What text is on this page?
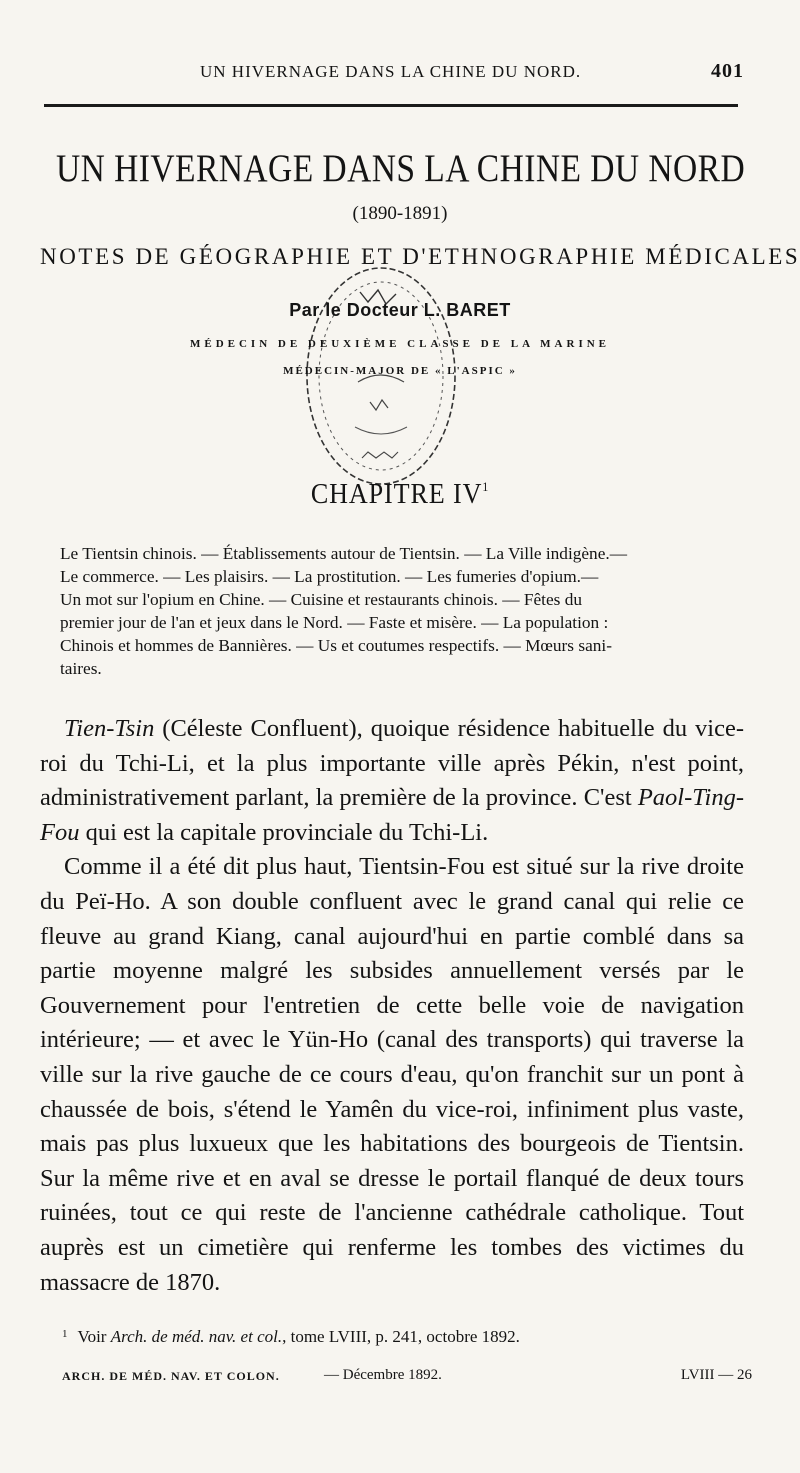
UN HIVERNAGE DANS LA CHINE DU NORD.	401
UN HIVERNAGE DANS LA CHINE DU NORD
(1890-1891)
NOTES DE GÉOGRAPHIE ET D'ETHNOGRAPHIE MÉDICALES
Par le Docteur L. BARET
MÉDECIN DE DEUXIÈME CLASSE DE LA MARINE
MÉDECIN-MAJOR DE « L'ASPIC »
CHAPITRE $IV^1$
Le Tientsin chinois. — Établissements autour de Tientsin. — La Ville indigène.—
Le commerce. — Les plaisirs. — La prostitution. — Les fumeries d'opium.—
Un mot sur l'opium en Chine. — Cuisine et restaurants chinois. — Fêtes du
premier jour de l'an et jeux dans le Nord. — Faste et misère. — La population :
Chinois et hommes de Bannières. — Us et coutumes respectifs. — Mœurs sani-
taires.

Tien-Tsin (Céleste Confluent), quoique résidence habituelle du vice-roi du Tchi-Li, et la plus importante ville après Pékin, n'est point, administrativement parlant, la première de la province. C'est Paol-Ting-Fou qui est la capitale provinciale du Tchi-Li.

Comme il a été dit plus haut, Tientsin-Fou est situé sur la rive droite du Peï-Ho. A son double confluent avec le grand canal qui relie ce fleuve au grand Kiang, canal aujourd'hui en partie comblé dans sa partie moyenne malgré les subsides annuellement versés par le Gouvernement pour l'entretien de cette belle voie de navigation intérieure; — et avec le Yün-Ho (canal des transports) qui traverse la ville sur la rive gauche de ce cours d'eau, qu'on franchit sur un pont à chaussée de bois, s'étend le Yamên du vice-roi, infiniment plus vaste, mais pas plus luxueux que les habitations des bourgeois de Tientsin. Sur la même rive et en aval se dresse le portail flanqué de deux tours ruinées, tout ce qui reste de l'ancienne cathédrale catholique. Tout auprès est un cimetière qui renferme les tombes des victimes du massacre de 1870.

$^1$ Voir Arch. de méd. nav. et col., tome LVIII, p. 241, octobre 1892.
ARCH. DE MÉD. NAV. ET COLON.	— Décembre 1892.	LVIII — 26
